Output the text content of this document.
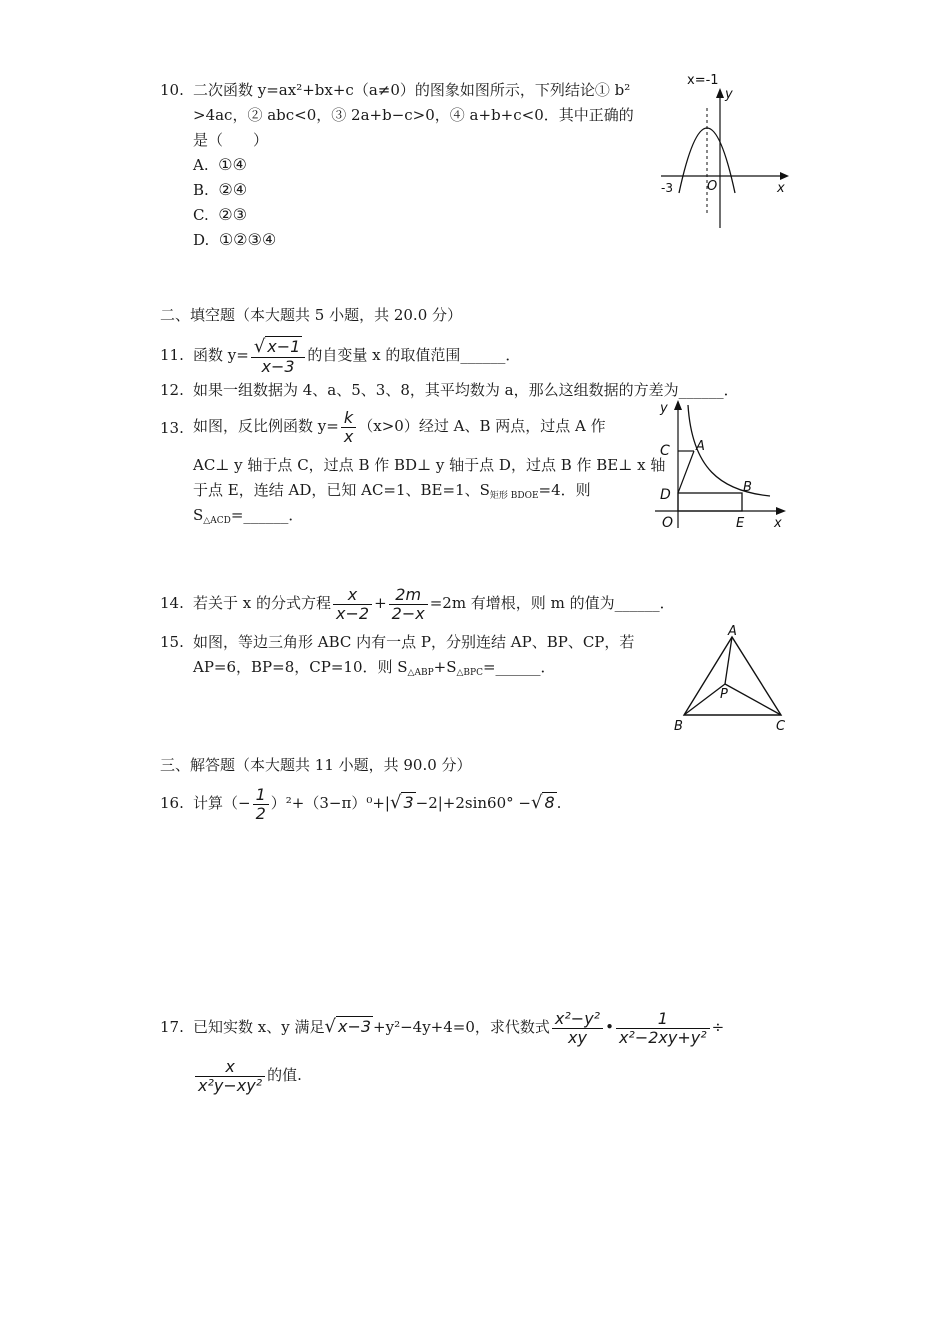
10. 二次函数 y=ax²+bx+c（a≠0）的图象如图所示，下列结论① b²
>4ac，② abc<0，③ 2a+b−c>0，④ a+b+c<0．其中正确的
是（　　）
A. ①④
B. ②④
C. ②③
D. ①②③④
x=-1
y
x
O
-3
二、填空题（本大题共 5 小题，共 20.0 分）
11. 函数 $y= \frac{√ x-1}{x-3}$ 的自变量 x 的取值范围______．
12. 如果一组数据为 4、a、5、3、8，其平均数为 a，那么这组数据的方差为______．
13. 如图，反比例函数 $y= \frac{k}{x} (x>0)$经过 A、B 两点，过点 A 作
AC⊥ y 轴于点 C，过点 B 作 BD⊥ y 轴于点 D，过点 B 作 BE⊥ x 轴
于点 E，连结 AD，已知 AC=1、BE=1、$S_{矩形 BDOE}=4$．则
$S_{\triangle ACD}=\_\_\_\_\_\_$．
y
x
C A
D	B
O	E
14. 若关于 x 的分式方程 $\frac{x}{x-2} + \frac{2m}{2-x} =2m$ 有增根，则 m 的值为______．
15. 如图，等边三角形 ABC 内有一点 P，分别连结 AP、BP、CP，若
AP=6，BP=8，CP=10．则 $S_{\triangle ABP}+S_{\triangle BPC}=\_\_\_\_\_\_$．
A
B	C
P
三、解答题（本大题共 11 小题，共 90.0 分）
16. 计算（− $\frac{1}{2} )^2+(3-\pi)^0+|√$ 3 −2|+2sin60° −√ 8 .
17. 已知实数 x、y 满足√ x−3 +y²−4y+4=0，求代数式 $\frac{\text{x²−y²}}{xy}$ • $\frac{1}{\text{x²−2xy+y²}}$ ÷
$\frac{x}{\text{x²y−xy²}}$ 的值.
